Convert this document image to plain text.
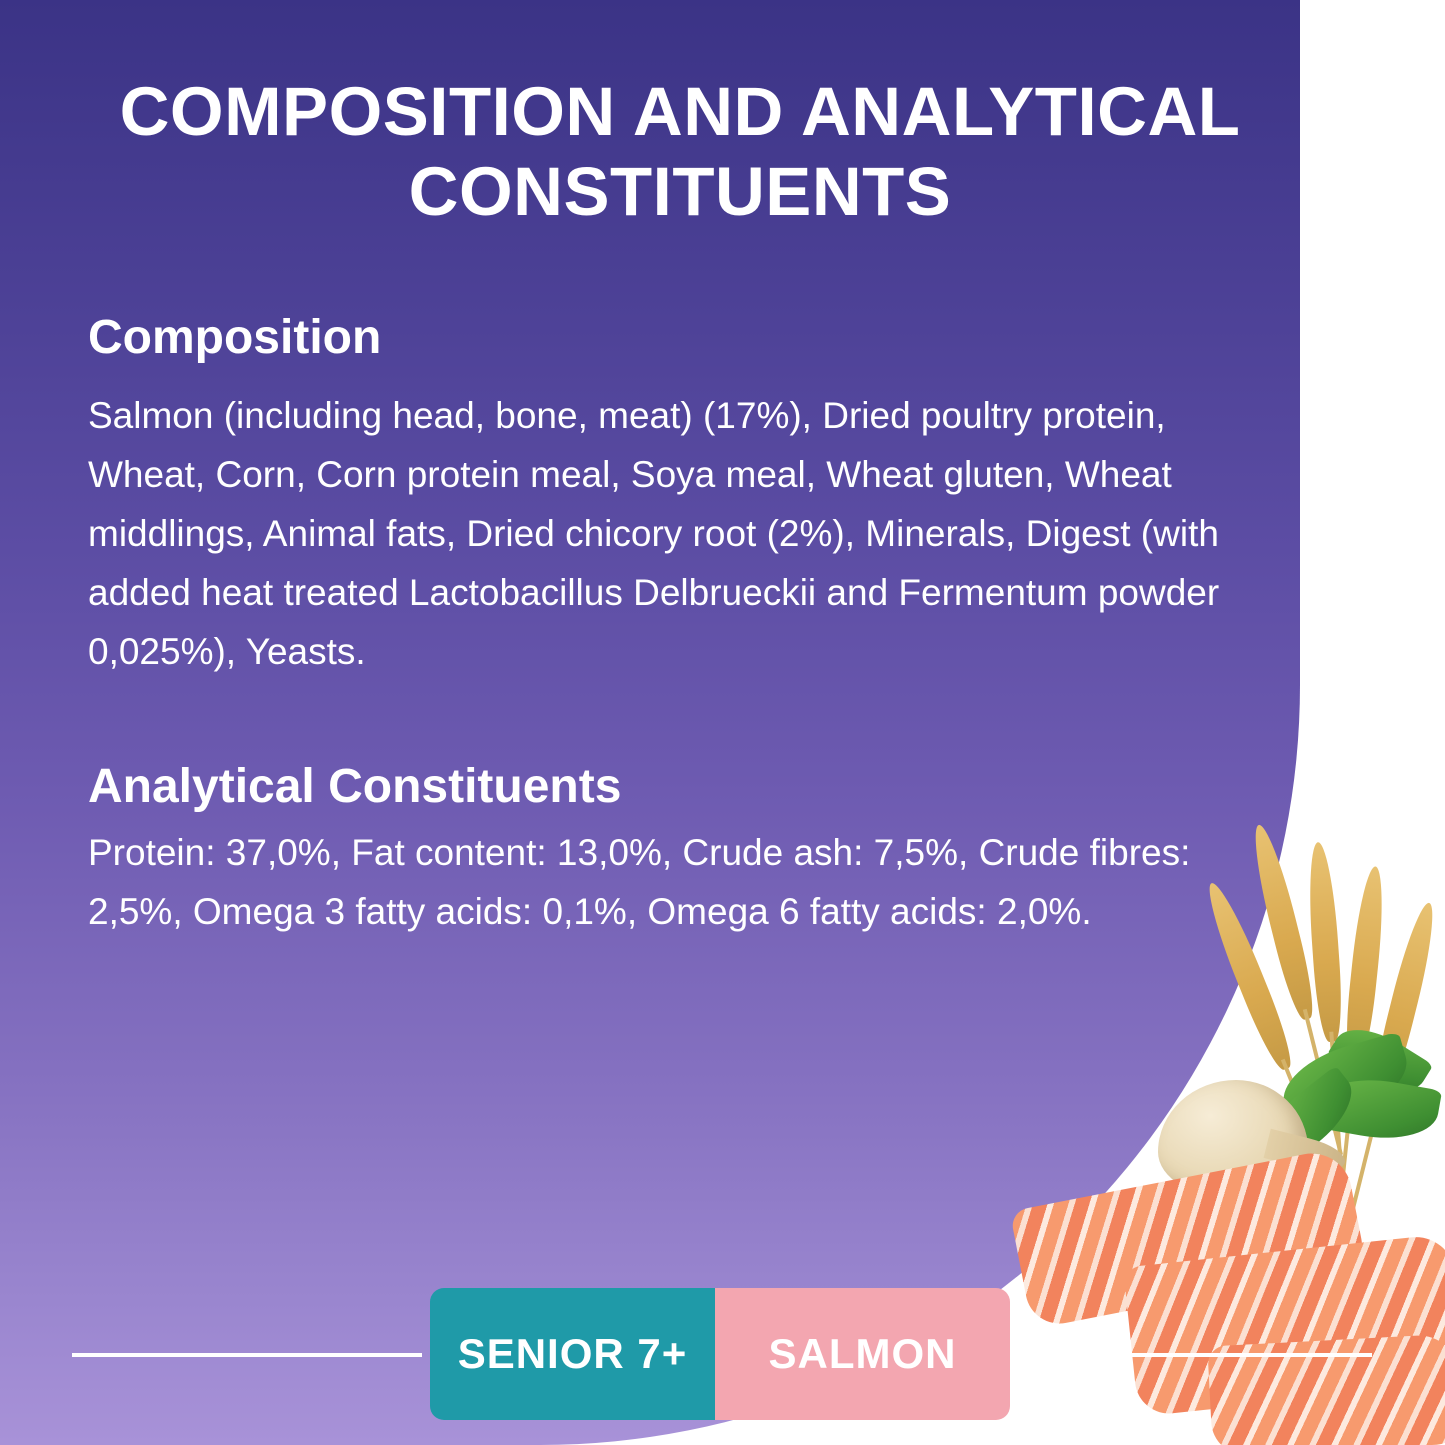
COMPOSITION AND ANALYTICAL CONSTITUENTS
Composition

Salmon (including head, bone, meat) (17%), Dried poultry protein, Wheat, Corn, Corn protein meal, Soya meal, Wheat gluten, Wheat middlings, Animal fats, Dried chicory root (2%), Minerals, Digest (with added heat treated Lactobacillus Delbrueckii and Fermentum powder 0,025%), Yeasts.

Analytical Constituents

Protein: 37,0%, Fat content: 13,0%, Crude ash: 7,5%, Crude fibres: 2,5%, Omega 3 fatty acids: 0,1%, Omega 6 fatty acids: 2,0%.

SENIOR 7+	SALMON
